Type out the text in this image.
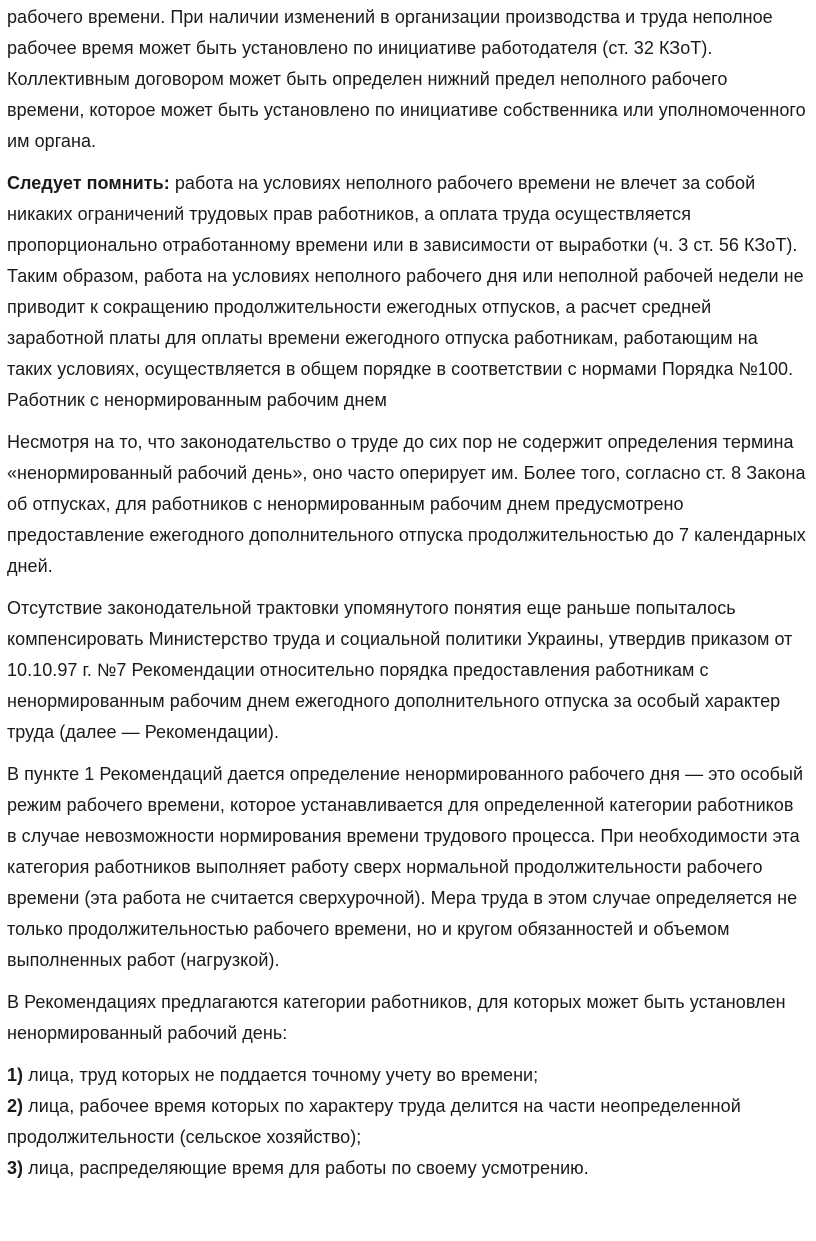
рабочего времени. При наличии изменений в организации производства и труда неполное рабочее время может быть установлено по инициативе работодателя (ст. 32 КЗоТ). Коллективным договором может быть определен нижний предел неполного рабочего времени, которое может быть установлено по инициативе собственника или уполномоченного им органа.

Следует помнить: работа на условиях неполного рабочего времени не влечет за собой никаких ограничений трудовых прав работников, а оплата труда осуществляется пропорционально отработанному времени или в зависимости от выработки (ч. 3 ст. 56 КЗоТ). Таким образом, работа на условиях неполного рабочего дня или неполной рабочей недели не приводит к сокращению продолжительности ежегодных отпусков, а расчет средней заработной платы для оплаты времени ежегодного отпуска работникам, работающим на таких условиях, осуществляется в общем порядке в соответствии с нормами Порядка №100.

Работник с ненормированным рабочим днем

Несмотря на то, что законодательство о труде до сих пор не содержит определения термина «ненормированный рабочий день», оно часто оперирует им. Более того, согласно ст. 8 Закона об отпусках, для работников с ненормированным рабочим днем предусмотрено предоставление ежегодного дополнительного отпуска продолжительностью до 7 календарных дней.

Отсутствие законодательной трактовки упомянутого понятия еще раньше попыталось компенсировать Министерство труда и социальной политики Украины, утвердив приказом от 10.10.97 г. №7 Рекомендации относительно порядка предоставления работникам с ненормированным рабочим днем ежегодного дополнительного отпуска за особый характер труда (далее — Рекомендации).

В пункте 1 Рекомендаций дается определение ненормированного рабочего дня — это особый режим рабочего времени, которое устанавливается для определенной категории работников в случае невозможности нормирования времени трудового процесса. При необходимости эта категория работников выполняет работу сверх нормальной продолжительности рабочего времени (эта работа не считается сверхурочной). Мера труда в этом случае определяется не только продолжительностью рабочего времени, но и кругом обязанностей и объемом выполненных работ (нагрузкой).

В Рекомендациях предлагаются категории работников, для которых может быть установлен ненормированный рабочий день:

1) лица, труд которых не поддается точному учету во времени;

2) лица, рабочее время которых по характеру труда делится на части неопределенной продолжительности (сельское хозяйство);

3) лица, распределяющие время для работы по своему усмотрению.
